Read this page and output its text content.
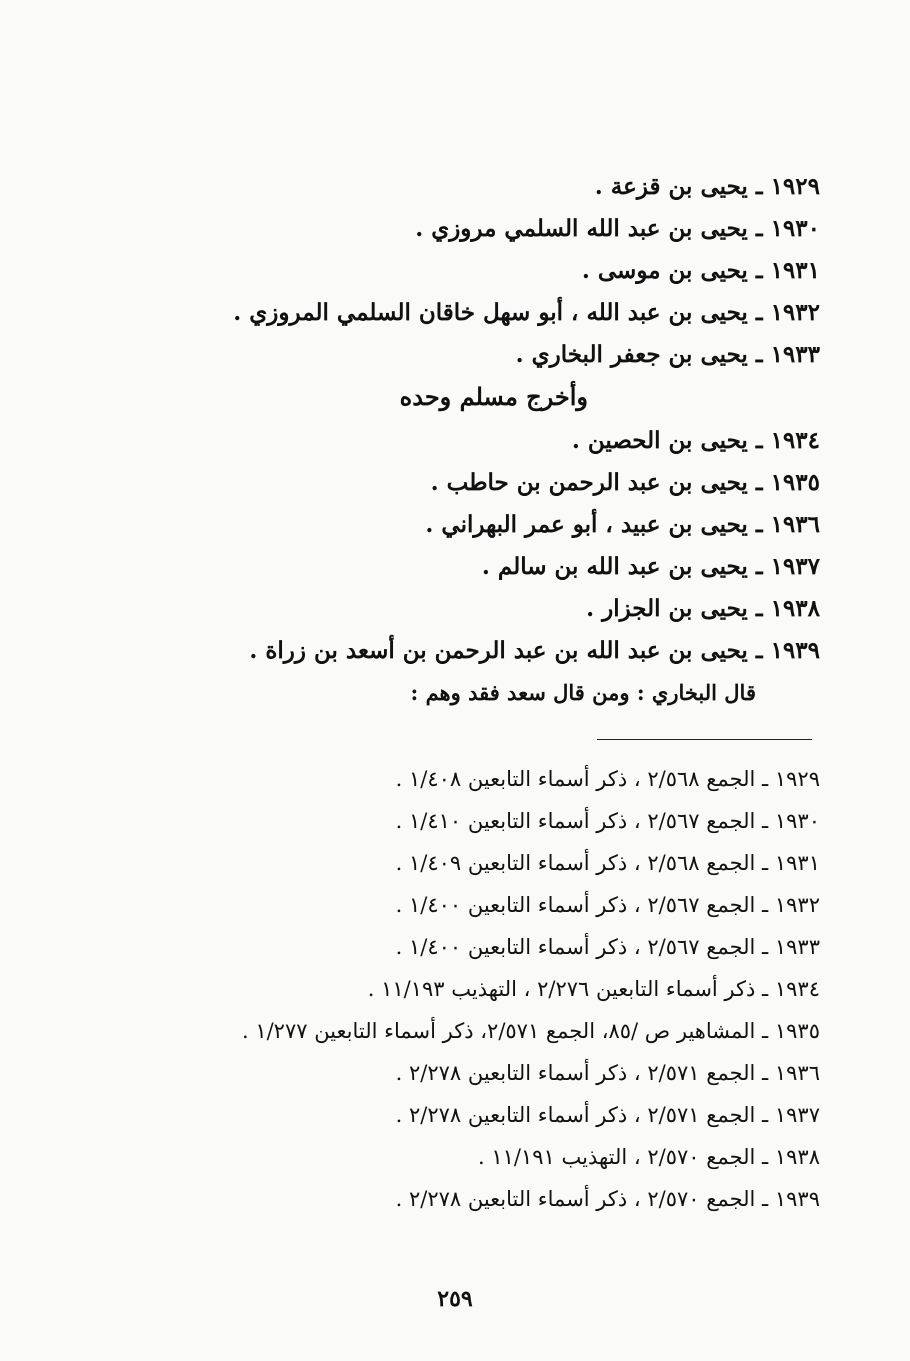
١٩٢٩ ـ يحيى بن قزعة .
١٩٣٠ ـ يحيى بن عبد الله السلمي مروزي .
١٩٣١ ـ يحيى بن موسى .
١٩٣٢ ـ يحيى بن عبد الله ، أبو سهل خاقان السلمي المروزي .
١٩٣٣ ـ يحيى بن جعفر البخاري .
وأخرج مسلم وحده
١٩٣٤ ـ يحيى بن الحصين .
١٩٣٥ ـ يحيى بن عبد الرحمن بن حاطب .
١٩٣٦ ـ يحيى بن عبيد ، أبو عمر البهراني .
١٩٣٧ ـ يحيى بن عبد الله بن سالم .
١٩٣٨ ـ يحيى بن الجزار .
١٩٣٩ ـ يحيى بن عبد الله بن عبد الرحمن بن أسعد بن زراة .
قال البخاري : ومن قال سعد فقد وهم :
١٩٢٩ ـ الجمع ٢/٥٦٨ ، ذكر أسماء التابعين ١/٤٠٨ .
١٩٣٠ ـ الجمع ٢/٥٦٧ ، ذكر أسماء التابعين ١/٤١٠ .
١٩٣١ ـ الجمع ٢/٥٦٨ ، ذكر أسماء التابعين ١/٤٠٩ .
١٩٣٢ ـ الجمع ٢/٥٦٧ ، ذكر أسماء التابعين ١/٤٠٠ .
١٩٣٣ ـ الجمع ٢/٥٦٧ ، ذكر أسماء التابعين ١/٤٠٠ .
١٩٣٤ ـ ذكر أسماء التابعين ٢/٢٧٦ ، التهذيب ١١/١٩٣ .
١٩٣٥ ـ المشاهير ص /٨٥، الجمع ٢/٥٧١، ذكر أسماء التابعين ١/٢٧٧ .
١٩٣٦ ـ الجمع ٢/٥٧١ ، ذكر أسماء التابعين ٢/٢٧٨ .
١٩٣٧ ـ الجمع ٢/٥٧١ ، ذكر أسماء التابعين ٢/٢٧٨ .
١٩٣٨ ـ الجمع ٢/٥٧٠ ، التهذيب ١١/١٩١ .
١٩٣٩ ـ الجمع ٢/٥٧٠ ، ذكر أسماء التابعين ٢/٢٧٨ .
٢٥٩
